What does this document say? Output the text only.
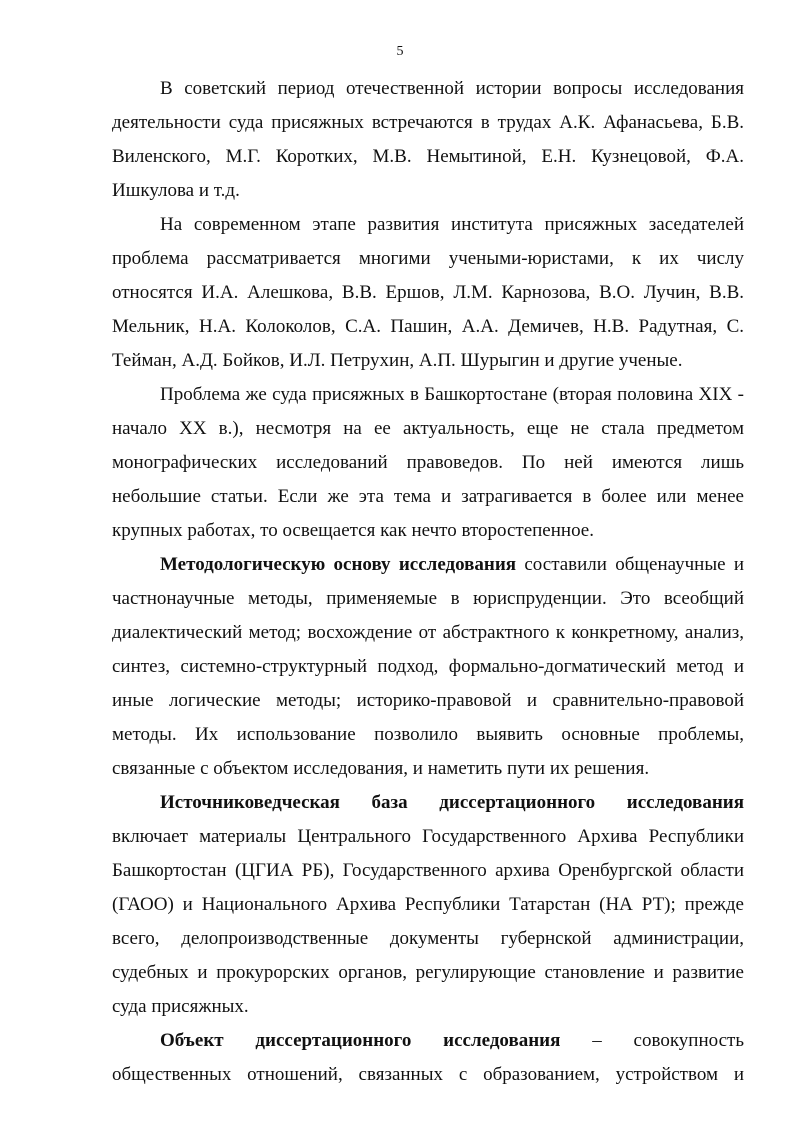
5

В советский период отечественной истории вопросы исследования деятельности суда присяжных встречаются в трудах А.К. Афанасьева, Б.В. Виленского, М.Г. Коротких, М.В. Немытиной, Е.Н. Кузнецовой, Ф.А. Ишкулова и т.д.

На современном этапе развития института присяжных заседателей проблема рассматривается многими учеными-юристами, к их числу относятся И.А. Алешкова, В.В. Ершов, Л.М. Карнозова, В.О. Лучин, В.В. Мельник, Н.А. Колоколов, С.А. Пашин, А.А. Демичев, Н.В. Радутная, С. Тейман, А.Д. Бойков, И.Л. Петрухин, А.П. Шурыгин и другие ученые.

Проблема же суда присяжных в Башкортостане (вторая половина XIX - начало XX в.), несмотря на ее актуальность, еще не стала предметом монографических исследований правоведов. По ней имеются лишь небольшие статьи. Если же эта тема и затрагивается в более или менее крупных работах, то освещается как нечто второстепенное.

Методологическую основу исследования составили общенаучные и частнонаучные методы, применяемые в юриспруденции. Это всеобщий диалектический метод; восхождение от абстрактного к конкретному, анализ, синтез, системно-структурный подход, формально-догматический метод и иные логические методы; историко-правовой и сравнительно-правовой методы. Их использование позволило выявить основные проблемы, связанные с объектом исследования, и наметить пути их решения.

Источниковедческая база диссертационного исследования включает материалы Центрального Государственного Архива Республики Башкортостан (ЦГИА РБ), Государственного архива Оренбургской области (ГАОО) и Национального Архива Республики Татарстан (НА РТ); прежде всего, делопроизводственные документы губернской администрации, судебных и прокурорских органов, регулирующие становление и развитие суда присяжных.

Объект диссертационного исследования – совокупность общественных отношений, связанных с образованием, устройством и
